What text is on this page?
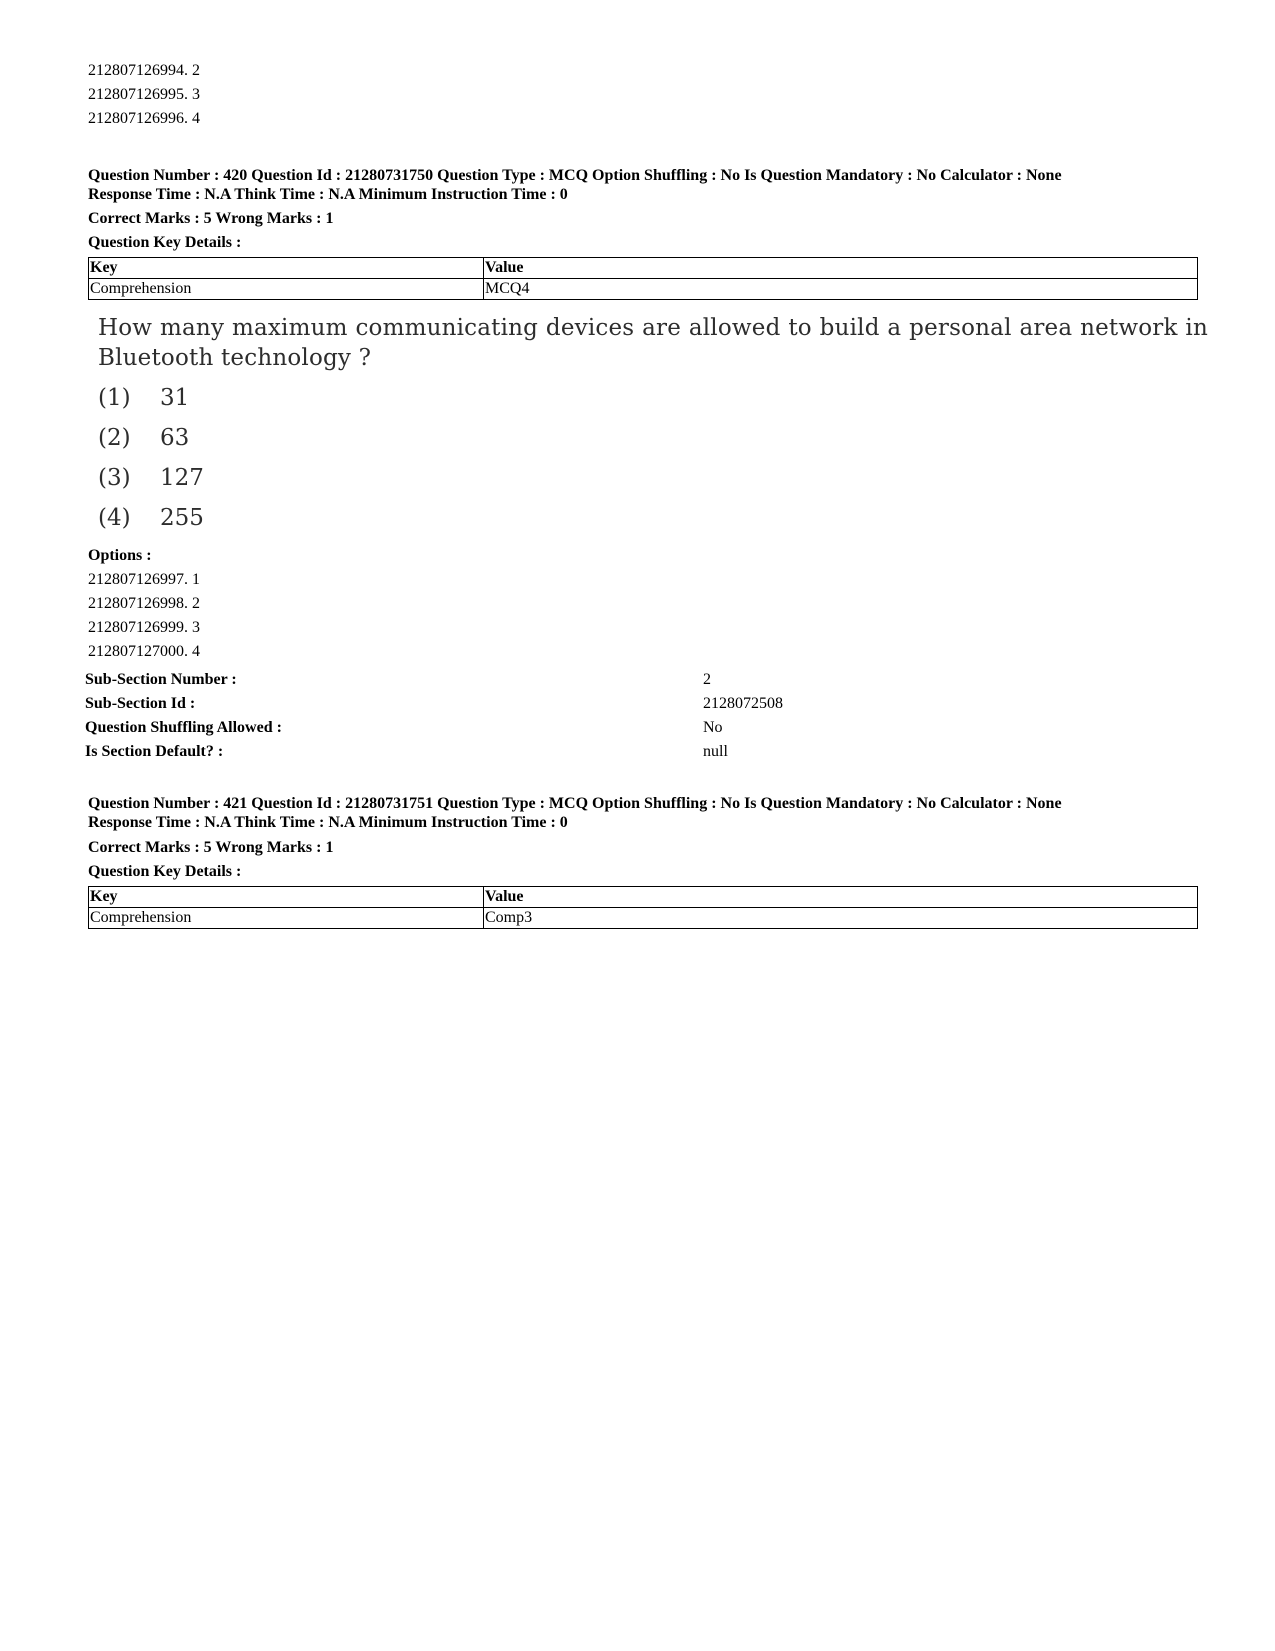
212807126994. 2
212807126995. 3
212807126996. 4
Question Number : 420 Question Id : 21280731750 Question Type : MCQ Option Shuffling : No Is Question Mandatory : No Calculator : None
Response Time : N.A Think Time : N.A Minimum Instruction Time : 0
Correct Marks : 5 Wrong Marks : 1
Question Key Details :
Key	Value
Comprehension	MCQ4
How many maximum communicating devices are allowed to build a personal area network in Bluetooth technology ?
(1) 31
(2) 63
(3) 127
(4) 255
Options :
212807126997. 1
212807126998. 2
212807126999. 3
212807127000. 4
Sub-Section Number :	2
Sub-Section Id :	2128072508
Question Shuffling Allowed :	No
Is Section Default? :	null
Question Number : 421 Question Id : 21280731751 Question Type : MCQ Option Shuffling : No Is Question Mandatory : No Calculator : None
Response Time : N.A Think Time : N.A Minimum Instruction Time : 0
Correct Marks : 5 Wrong Marks : 1
Question Key Details :
Key	Value
Comprehension	Comp3
